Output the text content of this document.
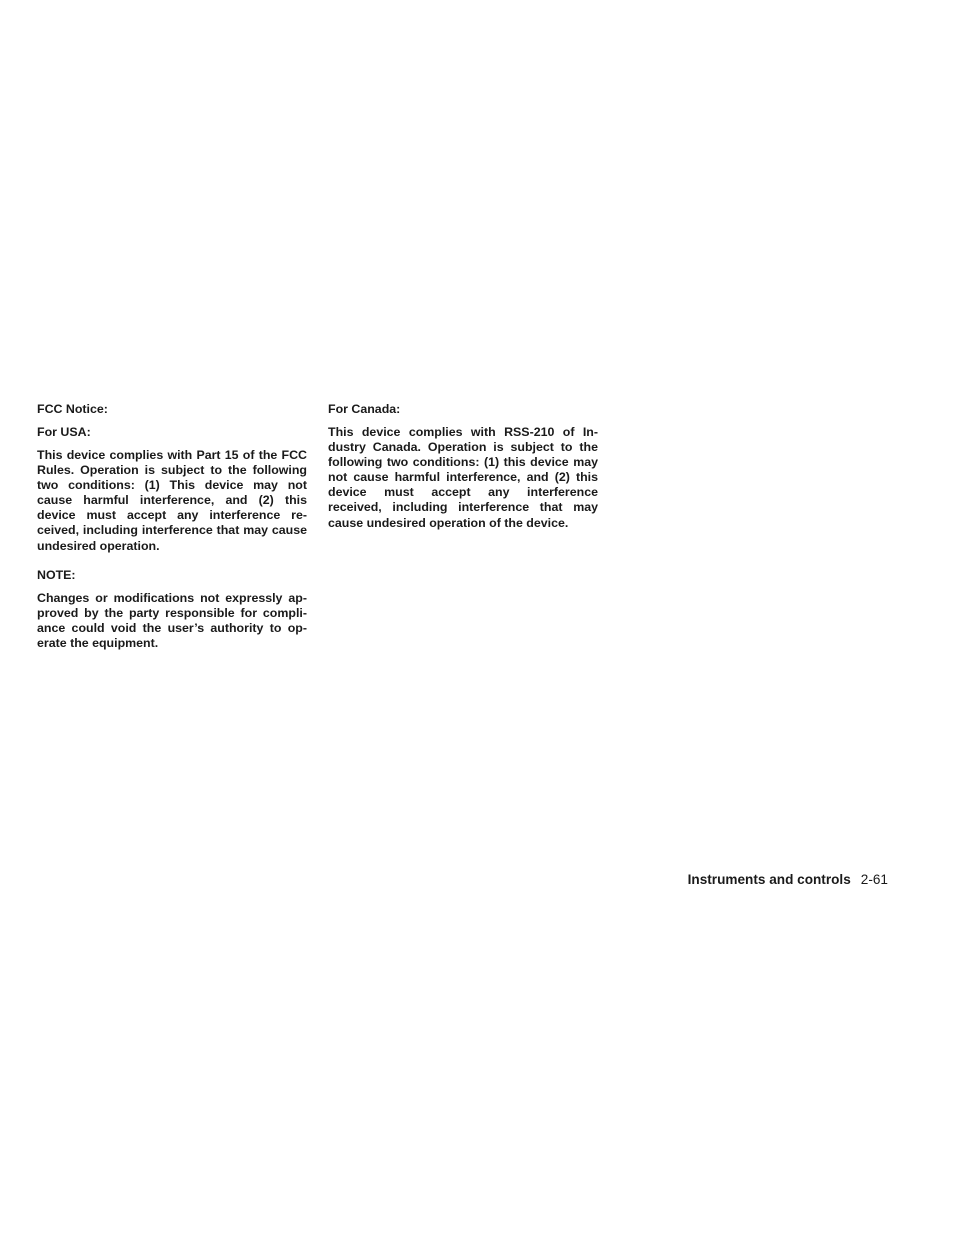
FCC Notice:

For USA:

This device complies with Part 15 of the FCC Rules. Operation is subject to the following two conditions: (1) This device may not cause harmful interference, and (2) this device must accept any interference received, including interference that may cause undesired operation.

NOTE:

Changes or modifications not expressly approved by the party responsible for compliance could void the user’s authority to operate the equipment.

For Canada:

This device complies with RSS-210 of Industry Canada. Operation is subject to the following two conditions: (1) this device may not cause harmful interference, and (2) this device must accept any interference received, including interference that may cause undesired operation of the device.

Instruments and controls 2-61
